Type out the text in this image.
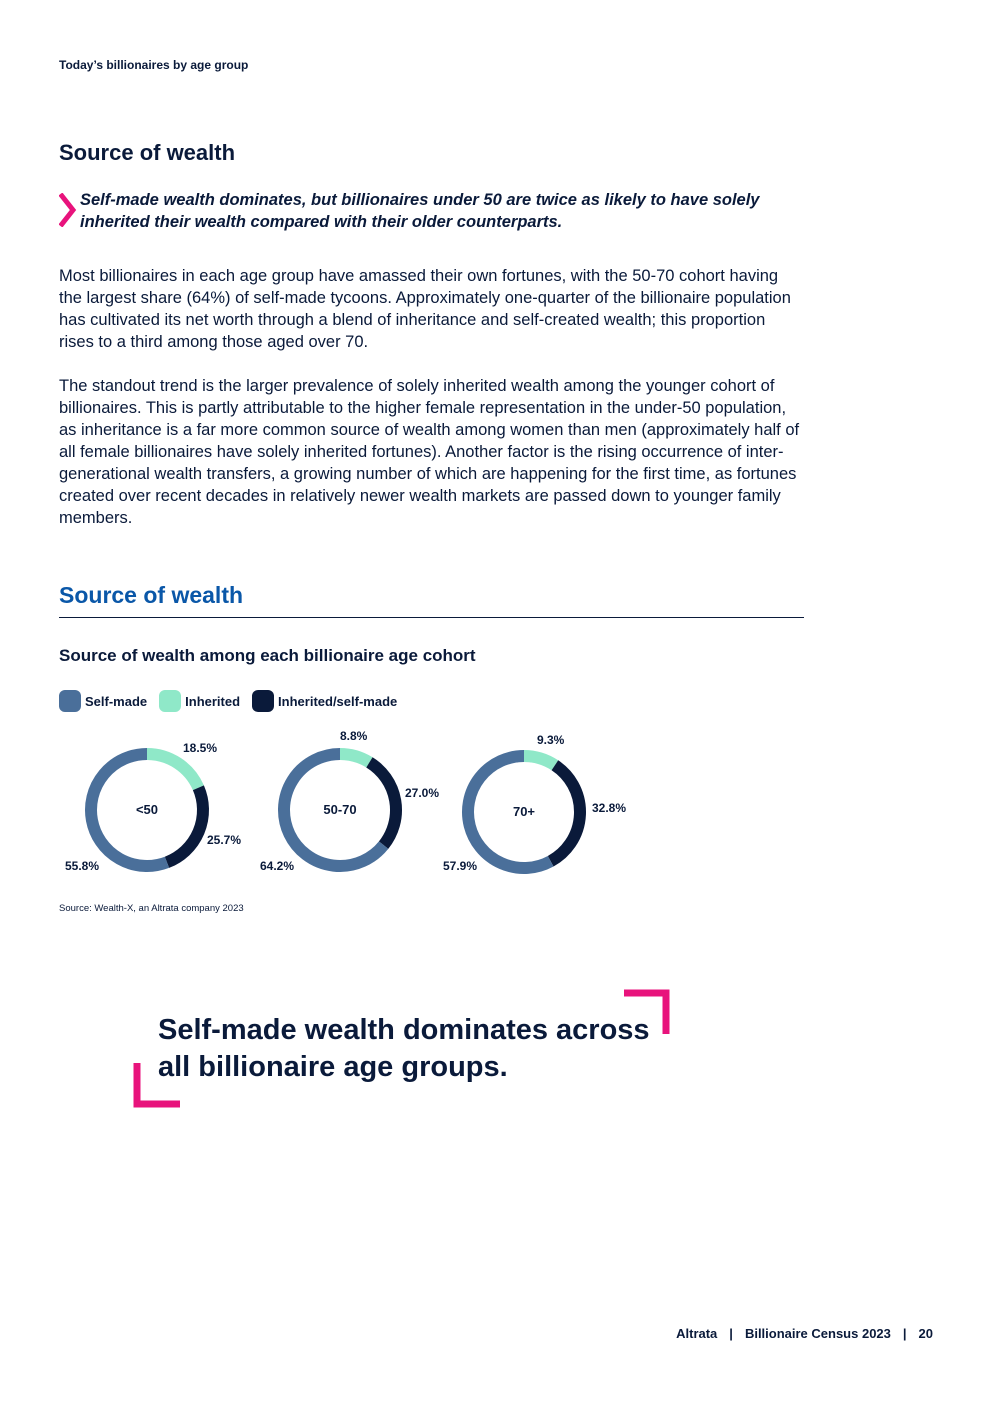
Today’s billionaires by age group
Source of wealth
Self-made wealth dominates, but billionaires under 50 are twice as likely to have solely inherited their wealth compared with their older counterparts.
Most billionaires in each age group have amassed their own fortunes, with the 50-70 cohort having the largest share (64%) of self-made tycoons. Approximately one-quarter of the billionaire population has cultivated its net worth through a blend of inheritance and self-created wealth; this proportion rises to a third among those aged over 70.
The standout trend is the larger prevalence of solely inherited wealth among the younger cohort of billionaires. This is partly attributable to the higher female representation in the under-50 population, as inheritance is a far more common source of wealth among women than men (approximately half of all female billionaires have solely inherited fortunes). Another factor is the rising occurrence of inter-generational wealth transfers, a growing number of which are happening for the first time, as fortunes created over recent decades in relatively newer wealth markets are passed down to younger family members.
Source of wealth
Source of wealth among each billionaire age cohort
Self-made	Inherited	Inherited/self-made
<50
55.8%
18.5%
25.7%
50-70
64.2%
8.8%
27.0%
70+
57.9%
9.3%
32.8%
Source: Wealth-X, an Altrata company 2023
Self-made wealth dominates across all billionaire age groups.
Altrata | Billionaire Census 2023 | 20
